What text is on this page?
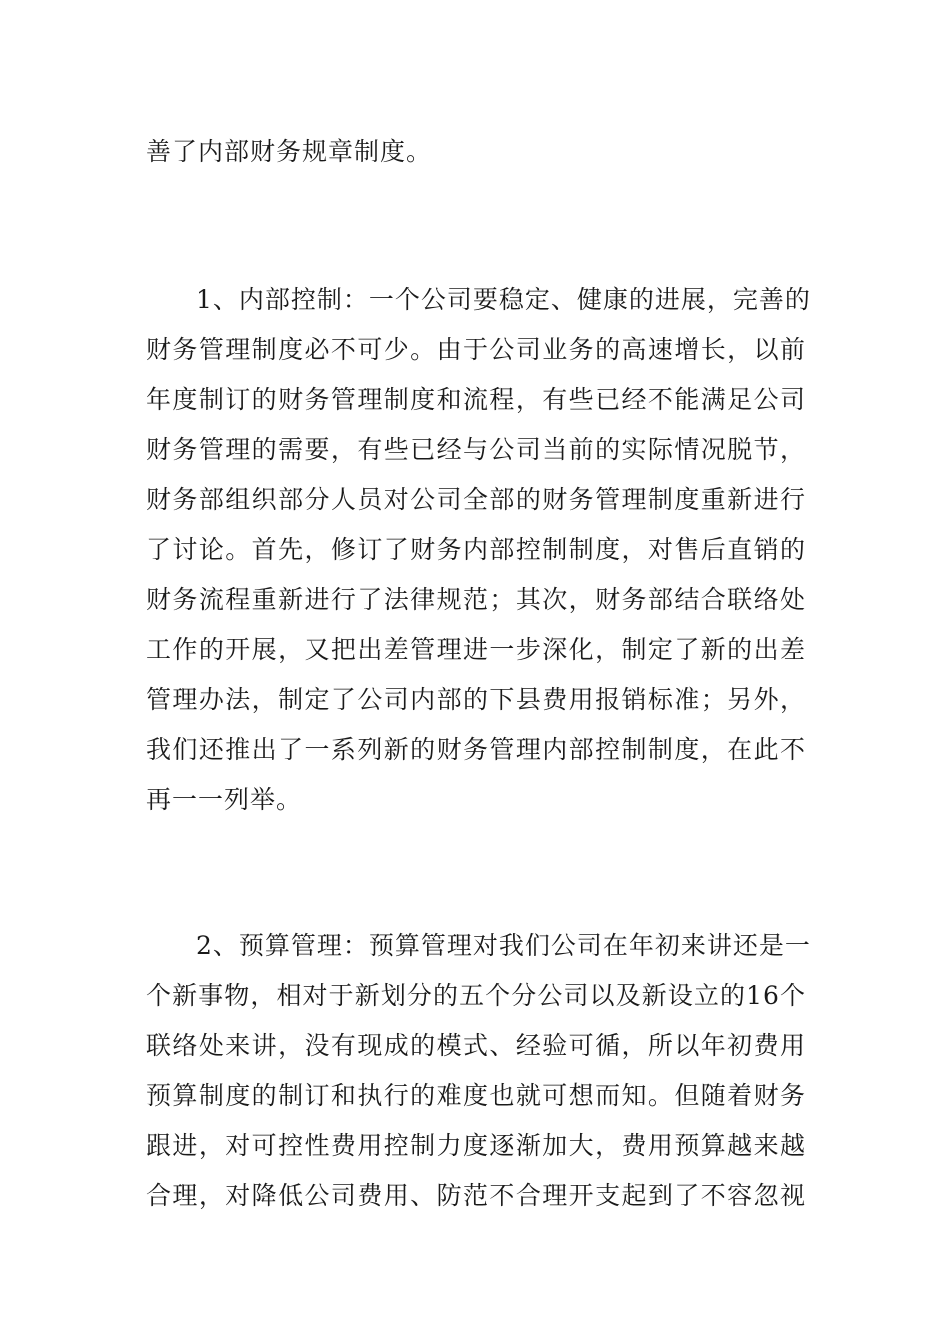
善了内部财务规章制度。
1、内部控制：一个公司要稳定、健康的进展，完善的
财务管理制度必不可少。由于公司业务的高速增长，以前
年度制订的财务管理制度和流程，有些已经不能满足公司
财务管理的需要，有些已经与公司当前的实际情况脱节，
财务部组织部分人员对公司全部的财务管理制度重新进行
了讨论。首先，修订了财务内部控制制度，对售后直销的
财务流程重新进行了法律规范；其次，财务部结合联络处
工作的开展，又把出差管理进一步深化，制定了新的出差
管理办法，制定了公司内部的下县费用报销标准；另外，
我们还推出了一系列新的财务管理内部控制制度，在此不
再一一列举。
2、预算管理：预算管理对我们公司在年初来讲还是一
个新事物，相对于新划分的五个分公司以及新设立的16个
联络处来讲，没有现成的模式、经验可循，所以年初费用
预算制度的制订和执行的难度也就可想而知。但随着财务
跟进，对可控性费用控制力度逐渐加大，费用预算越来越
合理，对降低公司费用、防范不合理开支起到了不容忽视
